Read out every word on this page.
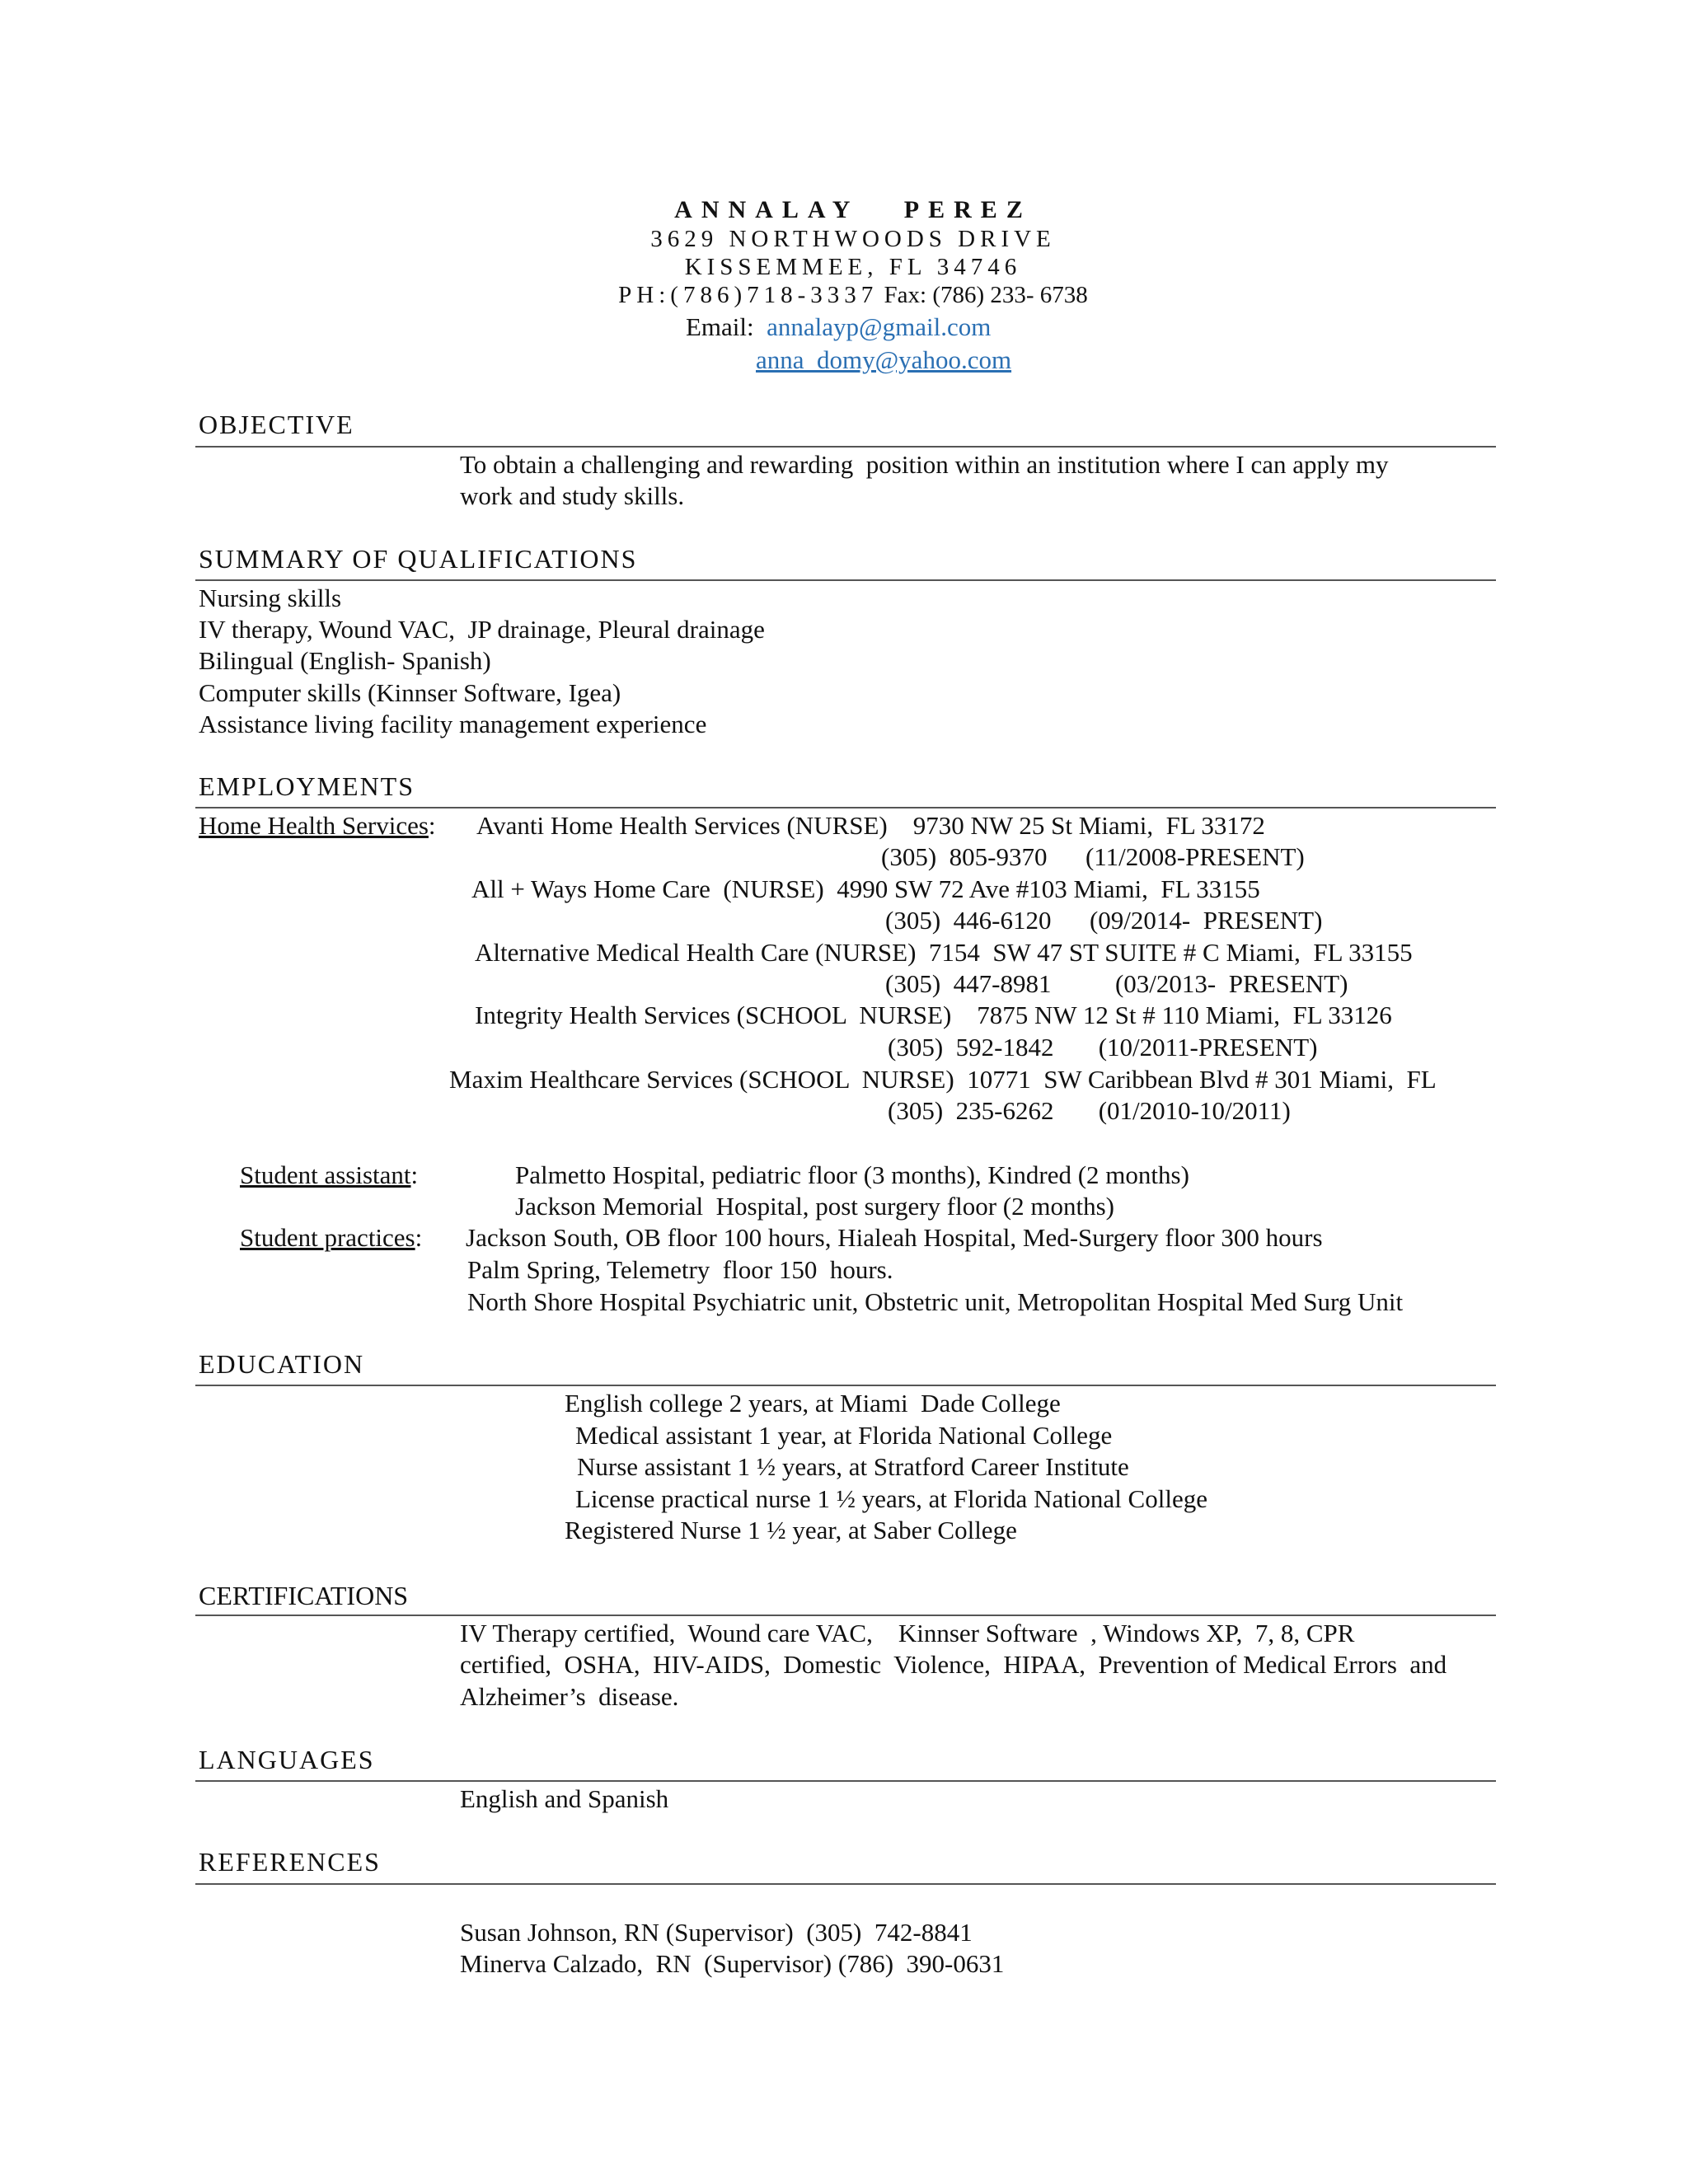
ANNALAY   PEREZ
3629 NORTHWOODS DRIVE
KISSEMMEE, FL 34746
PH:(786)718-3337 Fax: (786) 233- 6738
Email: annalayp@gmail.com
anna_domy@yahoo.com
OBJECTIVE
To obtain a challenging and rewarding  position within an institution where I can apply my
work and study skills.
SUMMARY OF QUALIFICATIONS
Nursing skills
IV therapy, Wound VAC,  JP drainage, Pleural drainage
Bilingual (English- Spanish)
Computer skills (Kinnser Software, Igea)
Assistance living facility management experience
EMPLOYMENTS
Home Health Services: Avanti Home Health Services (NURSE)    9730 NW 25 St Miami,  FL 33172
(305)  805-9370      (11/2008-PRESENT)
All + Ways Home Care  (NURSE)  4990 SW 72 Ave #103 Miami,  FL 33155
(305)  446-6120      (09/2014-  PRESENT)
Alternative Medical Health Care (NURSE)  7154  SW 47 ST SUITE # C Miami,  FL 33155
(305)  447-8981          (03/2013-  PRESENT)
Integrity Health Services (SCHOOL  NURSE)    7875 NW 12 St # 110 Miami,  FL 33126
(305)  592-1842       (10/2011-PRESENT)
Maxim Healthcare Services (SCHOOL  NURSE)  10771  SW Caribbean Blvd # 301 Miami,  FL
(305)  235-6262       (01/2010-10/2011)
Student assistant:	Palmetto Hospital, pediatric floor (3 months), Kindred (2 months)
Jackson Memorial  Hospital, post surgery floor (2 months)
Student practices: Jackson South, OB floor 100 hours, Hialeah Hospital, Med-Surgery floor 300 hours
Palm Spring, Telemetry  floor 150  hours.
North Shore Hospital Psychiatric unit, Obstetric unit, Metropolitan Hospital Med Surg Unit
EDUCATION
English college 2 years, at Miami  Dade College
Medical assistant 1 year, at Florida National College
Nurse assistant 1 ½ years, at Stratford Career Institute
License practical nurse 1 ½ years, at Florida National College
Registered Nurse 1 ½ year, at Saber College
CERTIFICATIONS
IV Therapy certified,  Wound care VAC,    Kinnser Software  , Windows XP,  7, 8, CPR
certified,  OSHA,  HIV-AIDS,  Domestic  Violence,  HIPAA,  Prevention of Medical Errors  and
Alzheimer’s  disease.
LANGUAGES
English and Spanish
REFERENCES
Susan Johnson, RN (Supervisor)  (305)  742-8841
Minerva Calzado,  RN  (Supervisor) (786)  390-0631
